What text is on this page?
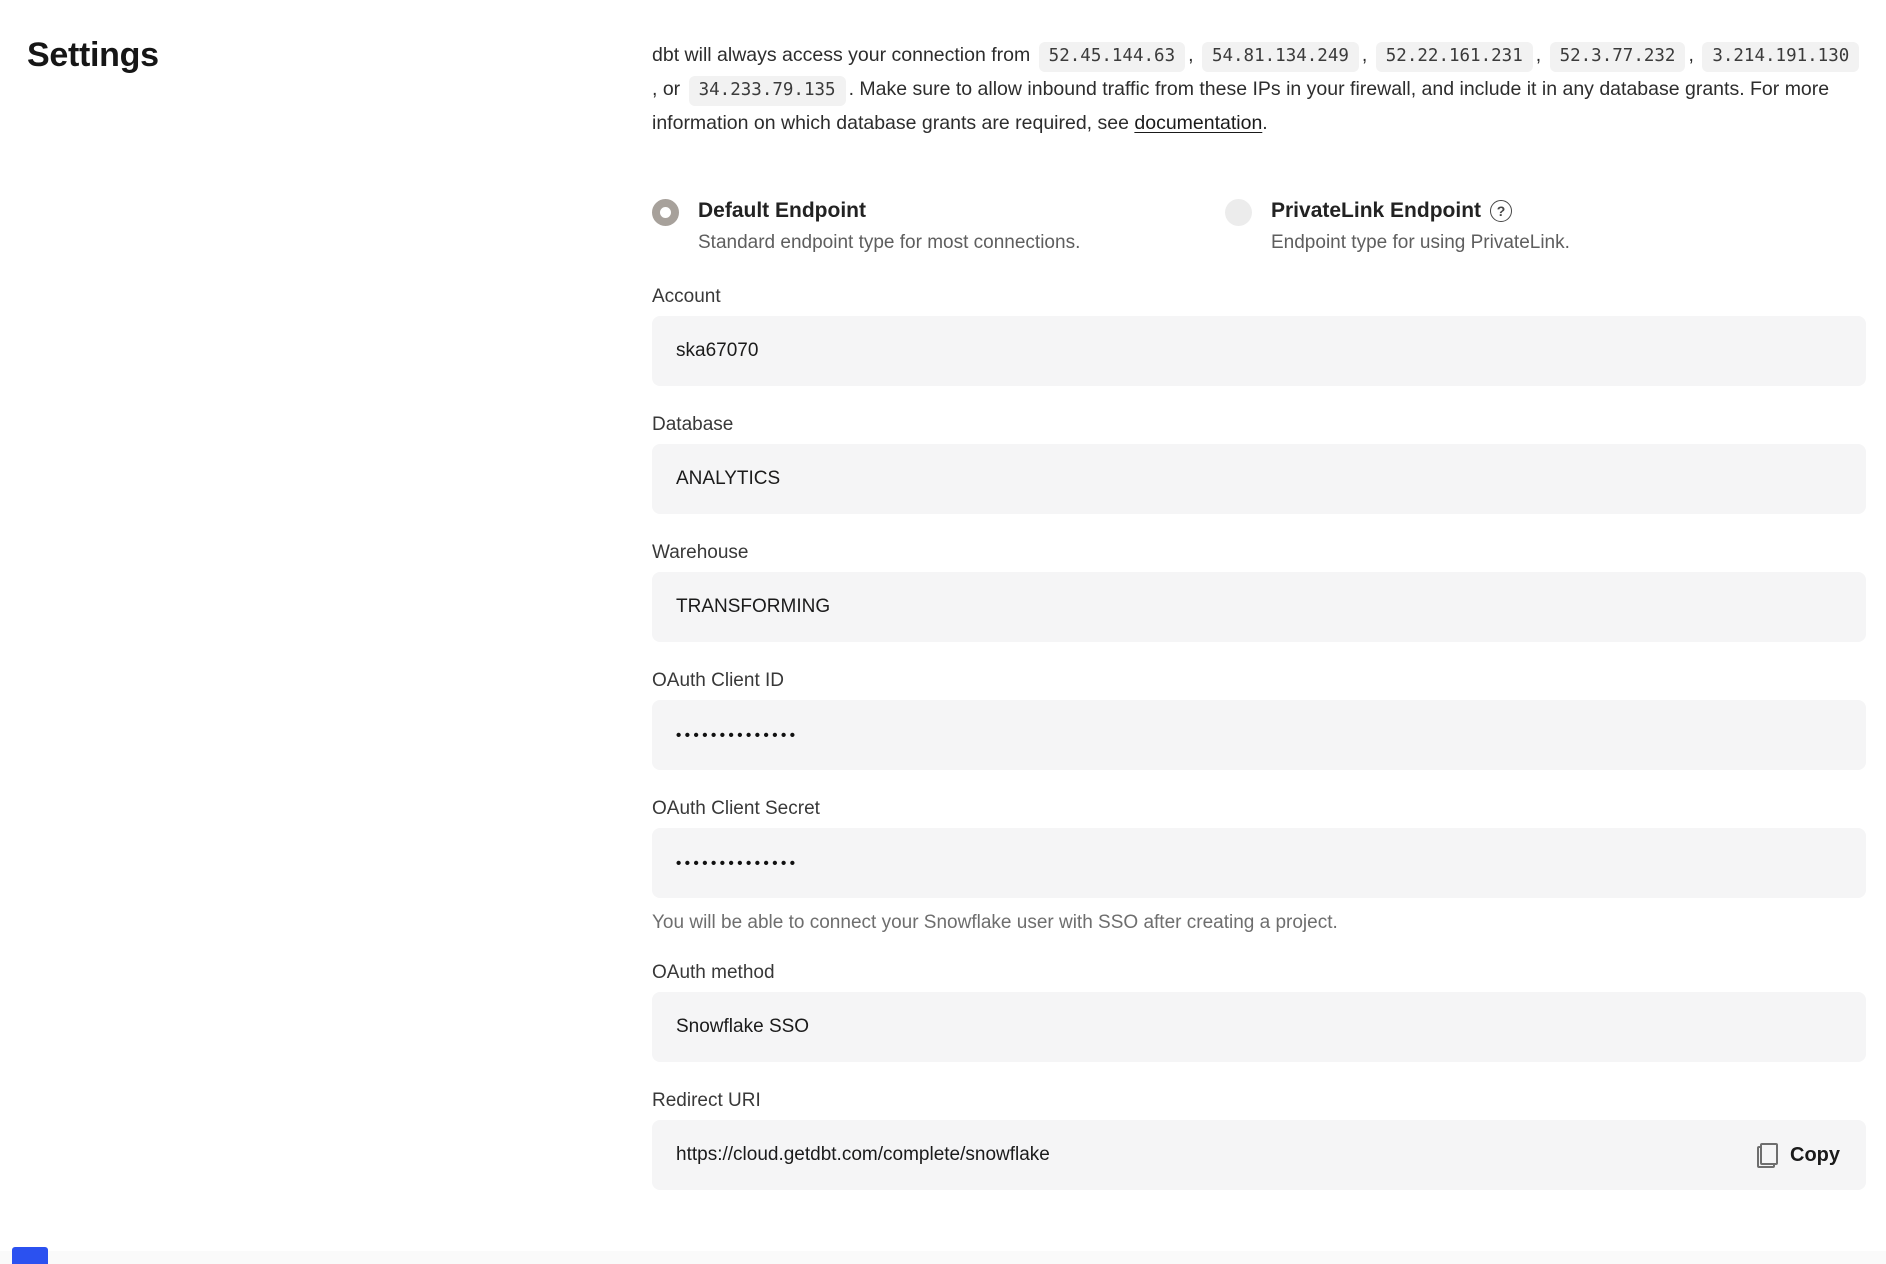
Settings	dbt will always access your connection from 52.45.144.63 , 54.81.134.249 , 52.22.161.231 , 52.3.77.232 , 3.214.191.130, or 34.233.79.135 . Make sure to allow inbound traffic from these IPs in your firewall, and include it in any database grants. For more information on which database grants are required, see documentation.

Default Endpoint
Standard endpoint type for most connections.
PrivateLink Endpoint	?
Endpoint type for using PrivateLink.
Account
ska67070
Database
ANALYTICS
Warehouse
TRANSFORMING
OAuth Client ID
••••••••••••••
OAuth Client Secret
••••••••••••••
You will be able to connect your Snowflake user with SSO after creating a project.
OAuth method
Snowflake SSO
Redirect URI
https://cloud.getdbt.com/complete/snowflake
Copy
